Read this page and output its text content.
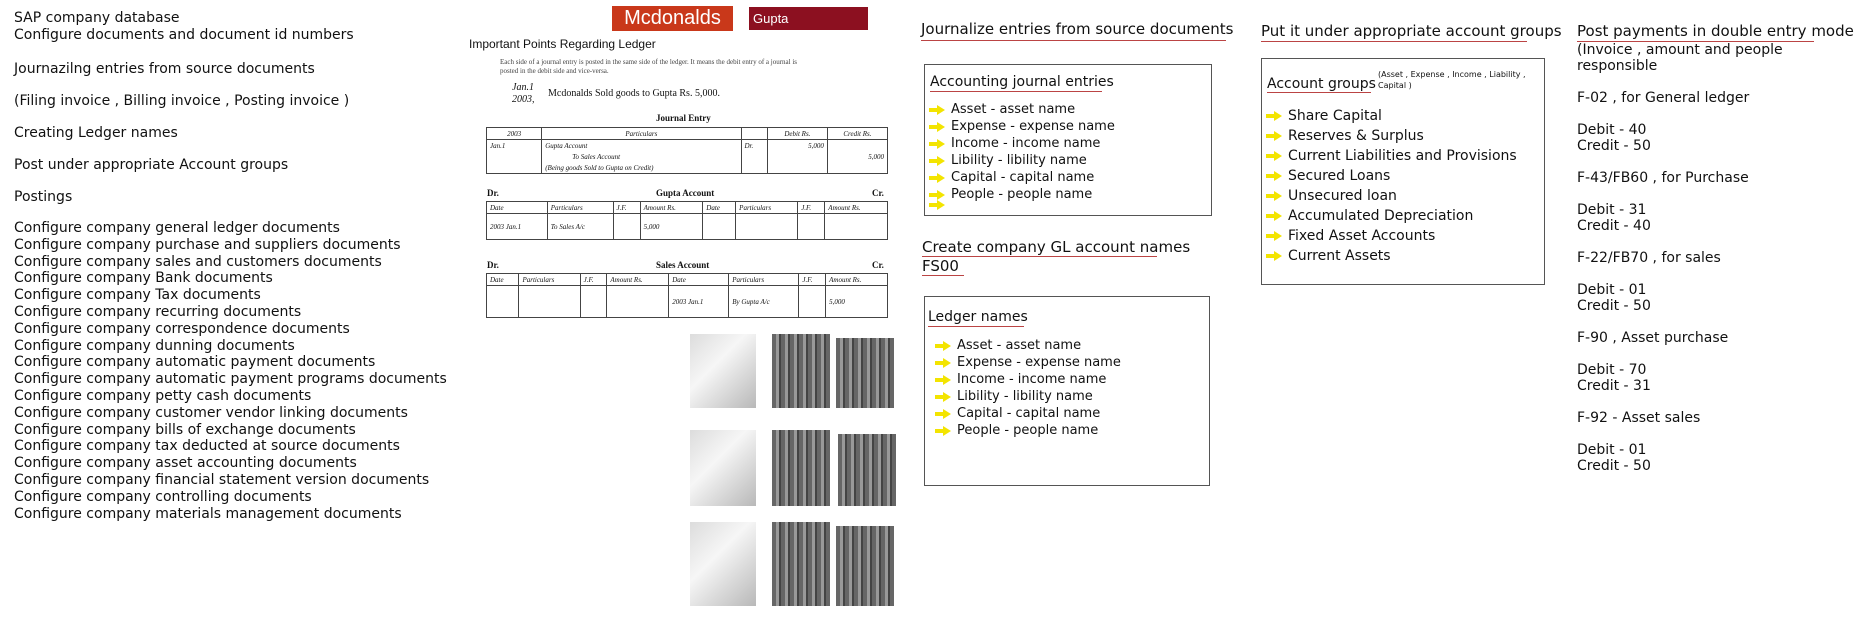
SAP company database
Configure documents and document id numbers
Journazilng entries from source documents
(Filing invoice , Billing invoice , Posting invoice )
Creating Ledger names
Post under appropriate Account groups
Postings
Configure company general ledger documents
Configure company purchase and suppliers documents
Configure company sales and customers documents
Configure company Bank documents
Configure company Tax documents
Configure company recurring documents
Configure company correspondence documents
Configure company dunning documents
Configure company automatic payment documents
Configure company automatic payment programs documents
Configure company petty cash documents
Configure company customer vendor linking documents
Configure company bills of exchange documents
Configure company tax deducted at source documents
Configure company asset accounting documents
Configure company financial statement version documents
Configure company controlling documents
Configure company materials management documents
Mcdonalds	Gupta
Important Points Regarding Ledger
Each side of a journal entry is posted in the same side of the ledger. It means the debit entry of a journal is posted in the debit side and vice-versa.
Jan.1
2003,
Mcdonalds Sold goods to Gupta Rs. 5,000.
Journal Entry
2003	Particulars		Debit Rs.	Credit Rs.
Jan.1	Gupta Account	Dr.	5,000	
	To Sales Account			5,000
	(Being goods Sold to Gupta on Credit)			
Dr.	Gupta Account	Cr.
Date	Particulars	J.F.	Amount Rs.	Date	Particulars	J.F.	Amount Rs.
2003 Jan.1	To Sales A/c		5,000				
Dr.	Sales Account	Cr.
Date	Particulars	J.F.	Amount Rs.	Date	Particulars	J.F.	Amount Rs.
				2003 Jan.1	By Gupta A/c		5,000
Journalize entries from source documents
Accounting journal entries
Asset - asset name
Expense - expense name
Income - income name
Libility - libility name
Capital - capital name
People - people name
Create company GL account names
FS00
Ledger names
Asset - asset name
Expense - expense name
Income - income name
Libility - libility name
Capital - capital name
People - people name
Put it under appropriate account groups
Account groups
(Asset , Expense , Income , Liability , Capital )
Share Capital
Reserves & Surplus
Current Liabilities and Provisions
Secured Loans
Unsecured loan
Accumulated Depreciation
Fixed Asset Accounts
Current Assets
Post payments in double entry mode
(Invoice , amount and people responsible
F-02 , for General ledger
Debit - 40
Credit - 50
F-43/FB60 , for Purchase
Debit - 31
Credit - 40
F-22/FB70 , for sales
Debit - 01
Credit - 50
F-90 , Asset purchase
Debit - 70
Credit - 31
F-92 - Asset sales
Debit - 01
Credit - 50
